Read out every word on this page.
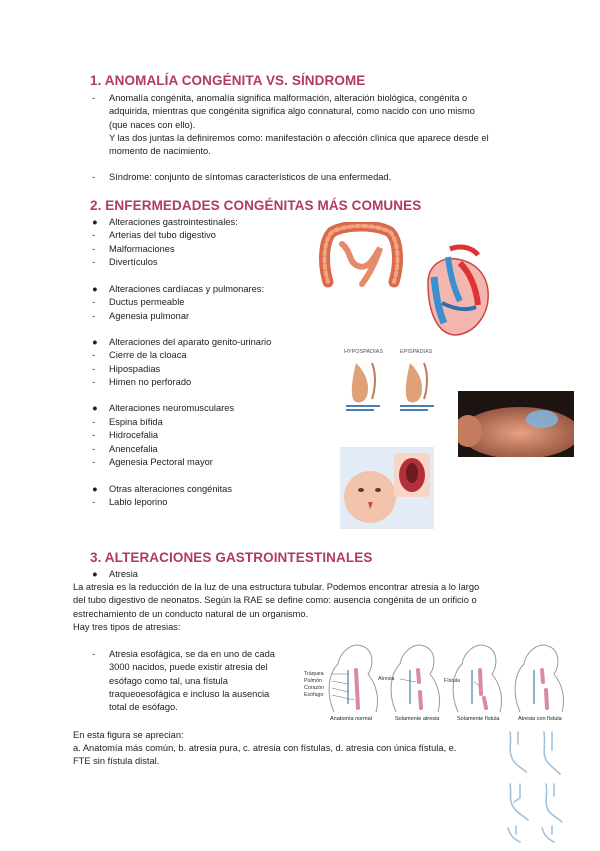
1. ANOMALÍA CONGÉNITA VS. SÍNDROME
- Anomalía congénita, anomalía significa malformación, alteración biológica, congénita o
adquirida, mientras que congénita significa algo connatural, como nacido con uno mismo
(que naces con ello).
Y las dos juntas la definiremos como: manifestación o afección clínica que aparece desde el
momento de nacimiento.
- Síndrome: conjunto de síntomas característicos de una enfermedad.
2. ENFERMEDADES CONGÉNITAS MÁS COMUNES
● Alteraciones gastrointestinales:
- Arterias del tubo digestivo
- Malformaciones
- Divertículos
● Alteraciones cardíacas y pulmonares:
- Ductus permeable
- Agenesia pulmonar
● Alteraciones del aparato genito-urinario
- Cierre de la cloaca
- Hipospadias
- Himen no perforado
● Alteraciones neuromusculares
- Espina bífida
- Hidrocefalia
- Anencefalia
- Agenesia Pectoral mayor
● Otras alteraciones congénitas
- Labio leporino
HYPOSPADIAS	EPISPADIAS
3. ALTERACIONES GASTROINTESTINALES
● Atresia
La atresia es la reducción de la luz de una estructura tubular. Podemos encontrar atresia a lo largo
del tubo digestivo de neonatos. Según la RAE se define como: ausencia congénita de un orificio o
estrechamiento de un conducto natural de un organismo.
Hay tres tipos de atresias:
- Atresia esofágica, se da en uno de cada
3000 nacidos, puede existir atresia del
esófago como tal, una fístula
traqueoesofágica e incluso la ausencia
total de esófago.
Tráquea
Pulmón
Corazón
Esófago
Atresia	Fístula
Anatomía normal	Solamente atresia	Solamente fístula	Atresia con fístula
En esta figura se aprecian:
a. Anatomía más común, b. atresia pura, c. atresia con fístulas, d. atresia con única fístula, e.
FTE sin fístula distal.
